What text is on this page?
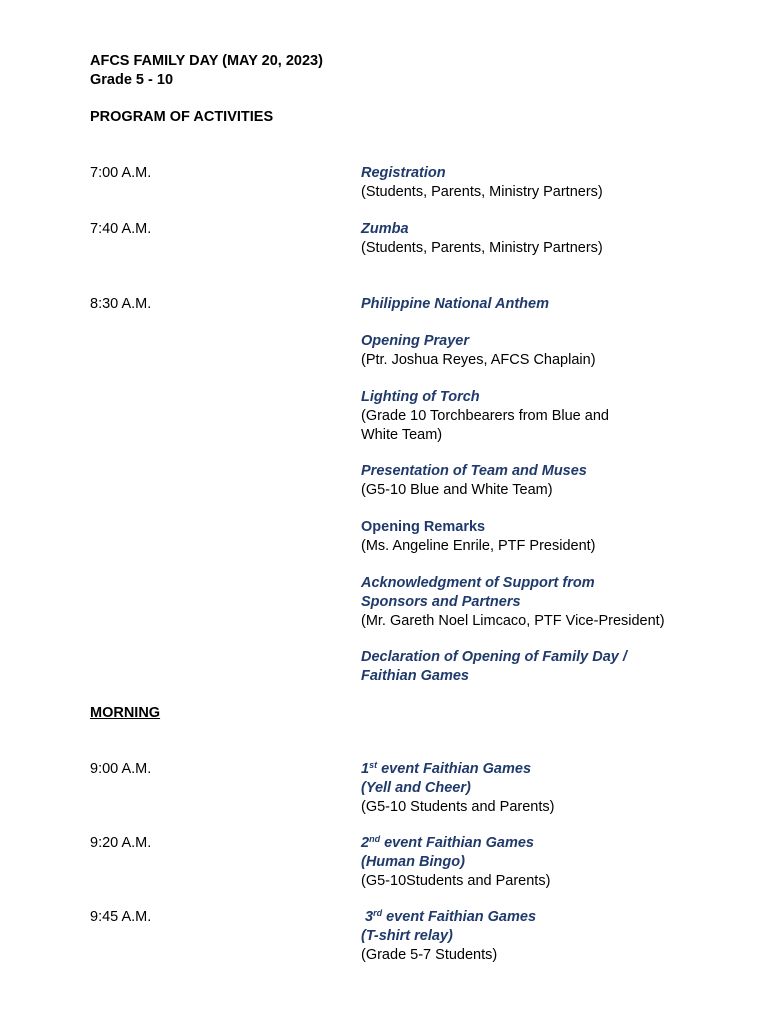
AFCS FAMILY DAY (MAY 20, 2023)
Grade 5 - 10
PROGRAM OF ACTIVITIES
7:00 A.M.	Registration
(Students, Parents, Ministry Partners)
7:40 A.M.	Zumba
(Students, Parents, Ministry Partners)
8:30 A.M.	Philippine National Anthem
Opening Prayer
(Ptr. Joshua Reyes, AFCS Chaplain)
Lighting of Torch
(Grade 10 Torchbearers from Blue and
White Team)
Presentation of Team and Muses
(G5-10 Blue and White Team)
Opening Remarks
(Ms. Angeline Enrile, PTF President)
Acknowledgment of Support from
Sponsors and Partners
(Mr. Gareth Noel Limcaco, PTF Vice-President)
Declaration of Opening of Family Day /
Faithian Games
MORNING
9:00 A.M.	1st event Faithian Games
(Yell and Cheer)
(G5-10 Students and Parents)
9:20 A.M.	2nd event Faithian Games
(Human Bingo)
(G5-10Students and Parents)
9:45 A.M.	3rd event Faithian Games
(T-shirt relay)
(Grade 5-7 Students)
